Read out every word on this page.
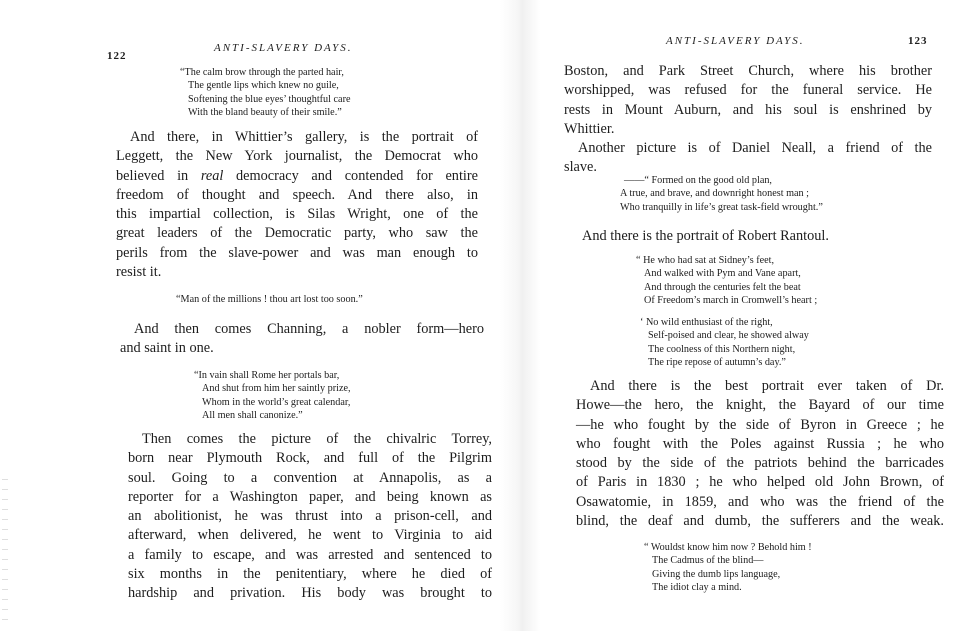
122
ANTI-SLAVERY DAYS.
“The calm brow through the parted hair,
The gentle lips which knew no guile,
Softening the blue eyes’ thoughtful care
With the bland beauty of their smile.”
And there, in Whittier’s gallery, is the portrait of
Leggett, the New York journalist, the Democrat who
believed in real democracy and contended for entire
freedom of thought and speech. And there also, in
this impartial collection, is Silas Wright, one of the
great leaders of the Democratic party, who saw the
perils from the slave-power and was man enough to
resist it.
“Man of the millions ! thou art lost too soon.”
And then comes Channing, a nobler form—hero
and saint in one.
“In vain shall Rome her portals bar,
And shut from him her saintly prize,
Whom in the world’s great calendar,
All men shall canonize.”
Then comes the picture of the chivalric Torrey,
born near Plymouth Rock, and full of the Pilgrim
soul. Going to a convention at Annapolis, as a
reporter for a Washington paper, and being known as
an abolitionist, he was thrust into a prison-cell, and
afterward, when delivered, he went to Virginia to aid
a family to escape, and was arrested and sentenced to
six months in the penitentiary, where he died of
hardship and privation. His body was brought to
ANTI-SLAVERY DAYS.	123
Boston, and Park Street Church, where his brother
worshipped, was refused for the funeral service. He
rests in Mount Auburn, and his soul is enshrined by
Whittier.
Another picture is of Daniel Neall, a friend of the
slave.
——“ Formed on the good old plan,
A true, and brave, and downright honest man ;
Who tranquilly in life’s great task-field wrought.”
And there is the portrait of Robert Rantoul.
“ He who had sat at Sidney’s feet,
And walked with Pym and Vane apart,
And through the centuries felt the beat
Of Freedom’s march in Cromwell’s heart ;
‘ No wild enthusiast of the right,
Self-poised and clear, he showed alway
The coolness of this Northern night,
The ripe repose of autumn’s day.”
And there is the best portrait ever taken of Dr.
Howe—the hero, the knight, the Bayard of our time
—he who fought by the side of Byron in Greece ; he
who fought with the Poles against Russia ; he who
stood by the side of the patriots behind the barricades
of Paris in 1830 ; he who helped old John Brown, of
Osawatomie, in 1859, and who was the friend of the
blind, the deaf and dumb, the sufferers and the weak.
“ Wouldst know him now ? Behold him !
The Cadmus of the blind—
Giving the dumb lips language,
The idiot clay a mind.
